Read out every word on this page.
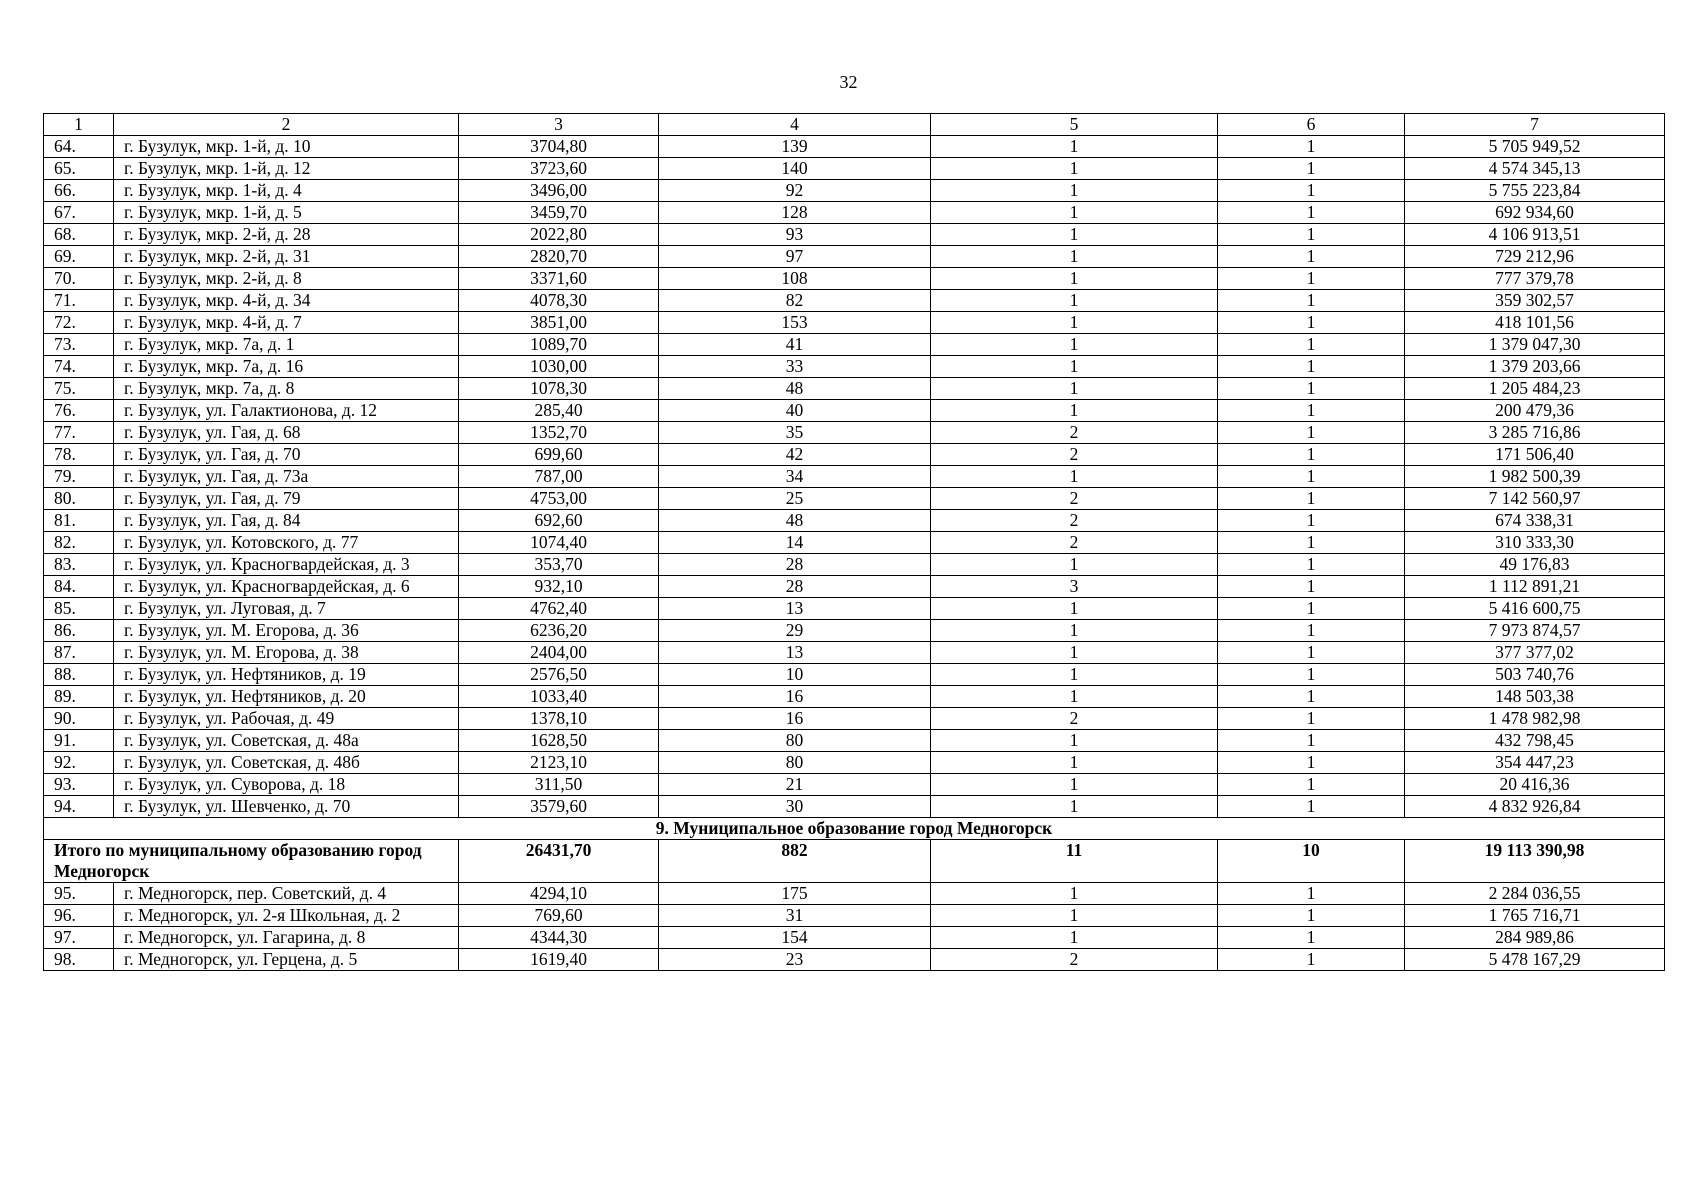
32
1	2	3	4	5	6	7
64.	г. Бузулук, мкр. 1-й, д. 10	3704,80	139	1	1	5 705 949,52
65.	г. Бузулук, мкр. 1-й, д. 12	3723,60	140	1	1	4 574 345,13
66.	г. Бузулук, мкр. 1-й, д. 4	3496,00	92	1	1	5 755 223,84
67.	г. Бузулук, мкр. 1-й, д. 5	3459,70	128	1	1	692 934,60
68.	г. Бузулук, мкр. 2-й, д. 28	2022,80	93	1	1	4 106 913,51
69.	г. Бузулук, мкр. 2-й, д. 31	2820,70	97	1	1	729 212,96
70.	г. Бузулук, мкр. 2-й, д. 8	3371,60	108	1	1	777 379,78
71.	г. Бузулук, мкр. 4-й, д. 34	4078,30	82	1	1	359 302,57
72.	г. Бузулук, мкр. 4-й, д. 7	3851,00	153	1	1	418 101,56
73.	г. Бузулук, мкр. 7а, д. 1	1089,70	41	1	1	1 379 047,30
74.	г. Бузулук, мкр. 7а, д. 16	1030,00	33	1	1	1 379 203,66
75.	г. Бузулук, мкр. 7а, д. 8	1078,30	48	1	1	1 205 484,23
76.	г. Бузулук, ул. Галактионова, д. 12	285,40	40	1	1	200 479,36
77.	г. Бузулук, ул. Гая, д. 68	1352,70	35	2	1	3 285 716,86
78.	г. Бузулук, ул. Гая, д. 70	699,60	42	2	1	171 506,40
79.	г. Бузулук, ул. Гая, д. 73а	787,00	34	1	1	1 982 500,39
80.	г. Бузулук, ул. Гая, д. 79	4753,00	25	2	1	7 142 560,97
81.	г. Бузулук, ул. Гая, д. 84	692,60	48	2	1	674 338,31
82.	г. Бузулук, ул. Котовского, д. 77	1074,40	14	2	1	310 333,30
83.	г. Бузулук, ул. Красногвардейская, д. 3	353,70	28	1	1	49 176,83
84.	г. Бузулук, ул. Красногвардейская, д. 6	932,10	28	3	1	1 112 891,21
85.	г. Бузулук, ул. Луговая, д. 7	4762,40	13	1	1	5 416 600,75
86.	г. Бузулук, ул. М. Егорова, д. 36	6236,20	29	1	1	7 973 874,57
87.	г. Бузулук, ул. М. Егорова, д. 38	2404,00	13	1	1	377 377,02
88.	г. Бузулук, ул. Нефтяников, д. 19	2576,50	10	1	1	503 740,76
89.	г. Бузулук, ул. Нефтяников, д. 20	1033,40	16	1	1	148 503,38
90.	г. Бузулук, ул. Рабочая, д. 49	1378,10	16	2	1	1 478 982,98
91.	г. Бузулук, ул. Советская, д. 48а	1628,50	80	1	1	432 798,45
92.	г. Бузулук, ул. Советская, д. 48б	2123,10	80	1	1	354 447,23
93.	г. Бузулук, ул. Суворова, д. 18	311,50	21	1	1	20 416,36
94.	г. Бузулук, ул. Шевченко, д. 70	3579,60	30	1	1	4 832 926,84
9. Муниципальное образование город Медногорск						
Итого по муниципальному образованию город Медногорск		26431,70	882	11	10	19 113 390,98
95.	г. Медногорск, пер. Советский, д. 4	4294,10	175	1	1	2 284 036,55
96.	г. Медногорск, ул. 2-я Школьная, д. 2	769,60	31	1	1	1 765 716,71
97.	г. Медногорск, ул. Гагарина, д. 8	4344,30	154	1	1	284 989,86
98.	г. Медногорск, ул. Герцена, д. 5	1619,40	23	2	1	5 478 167,29
